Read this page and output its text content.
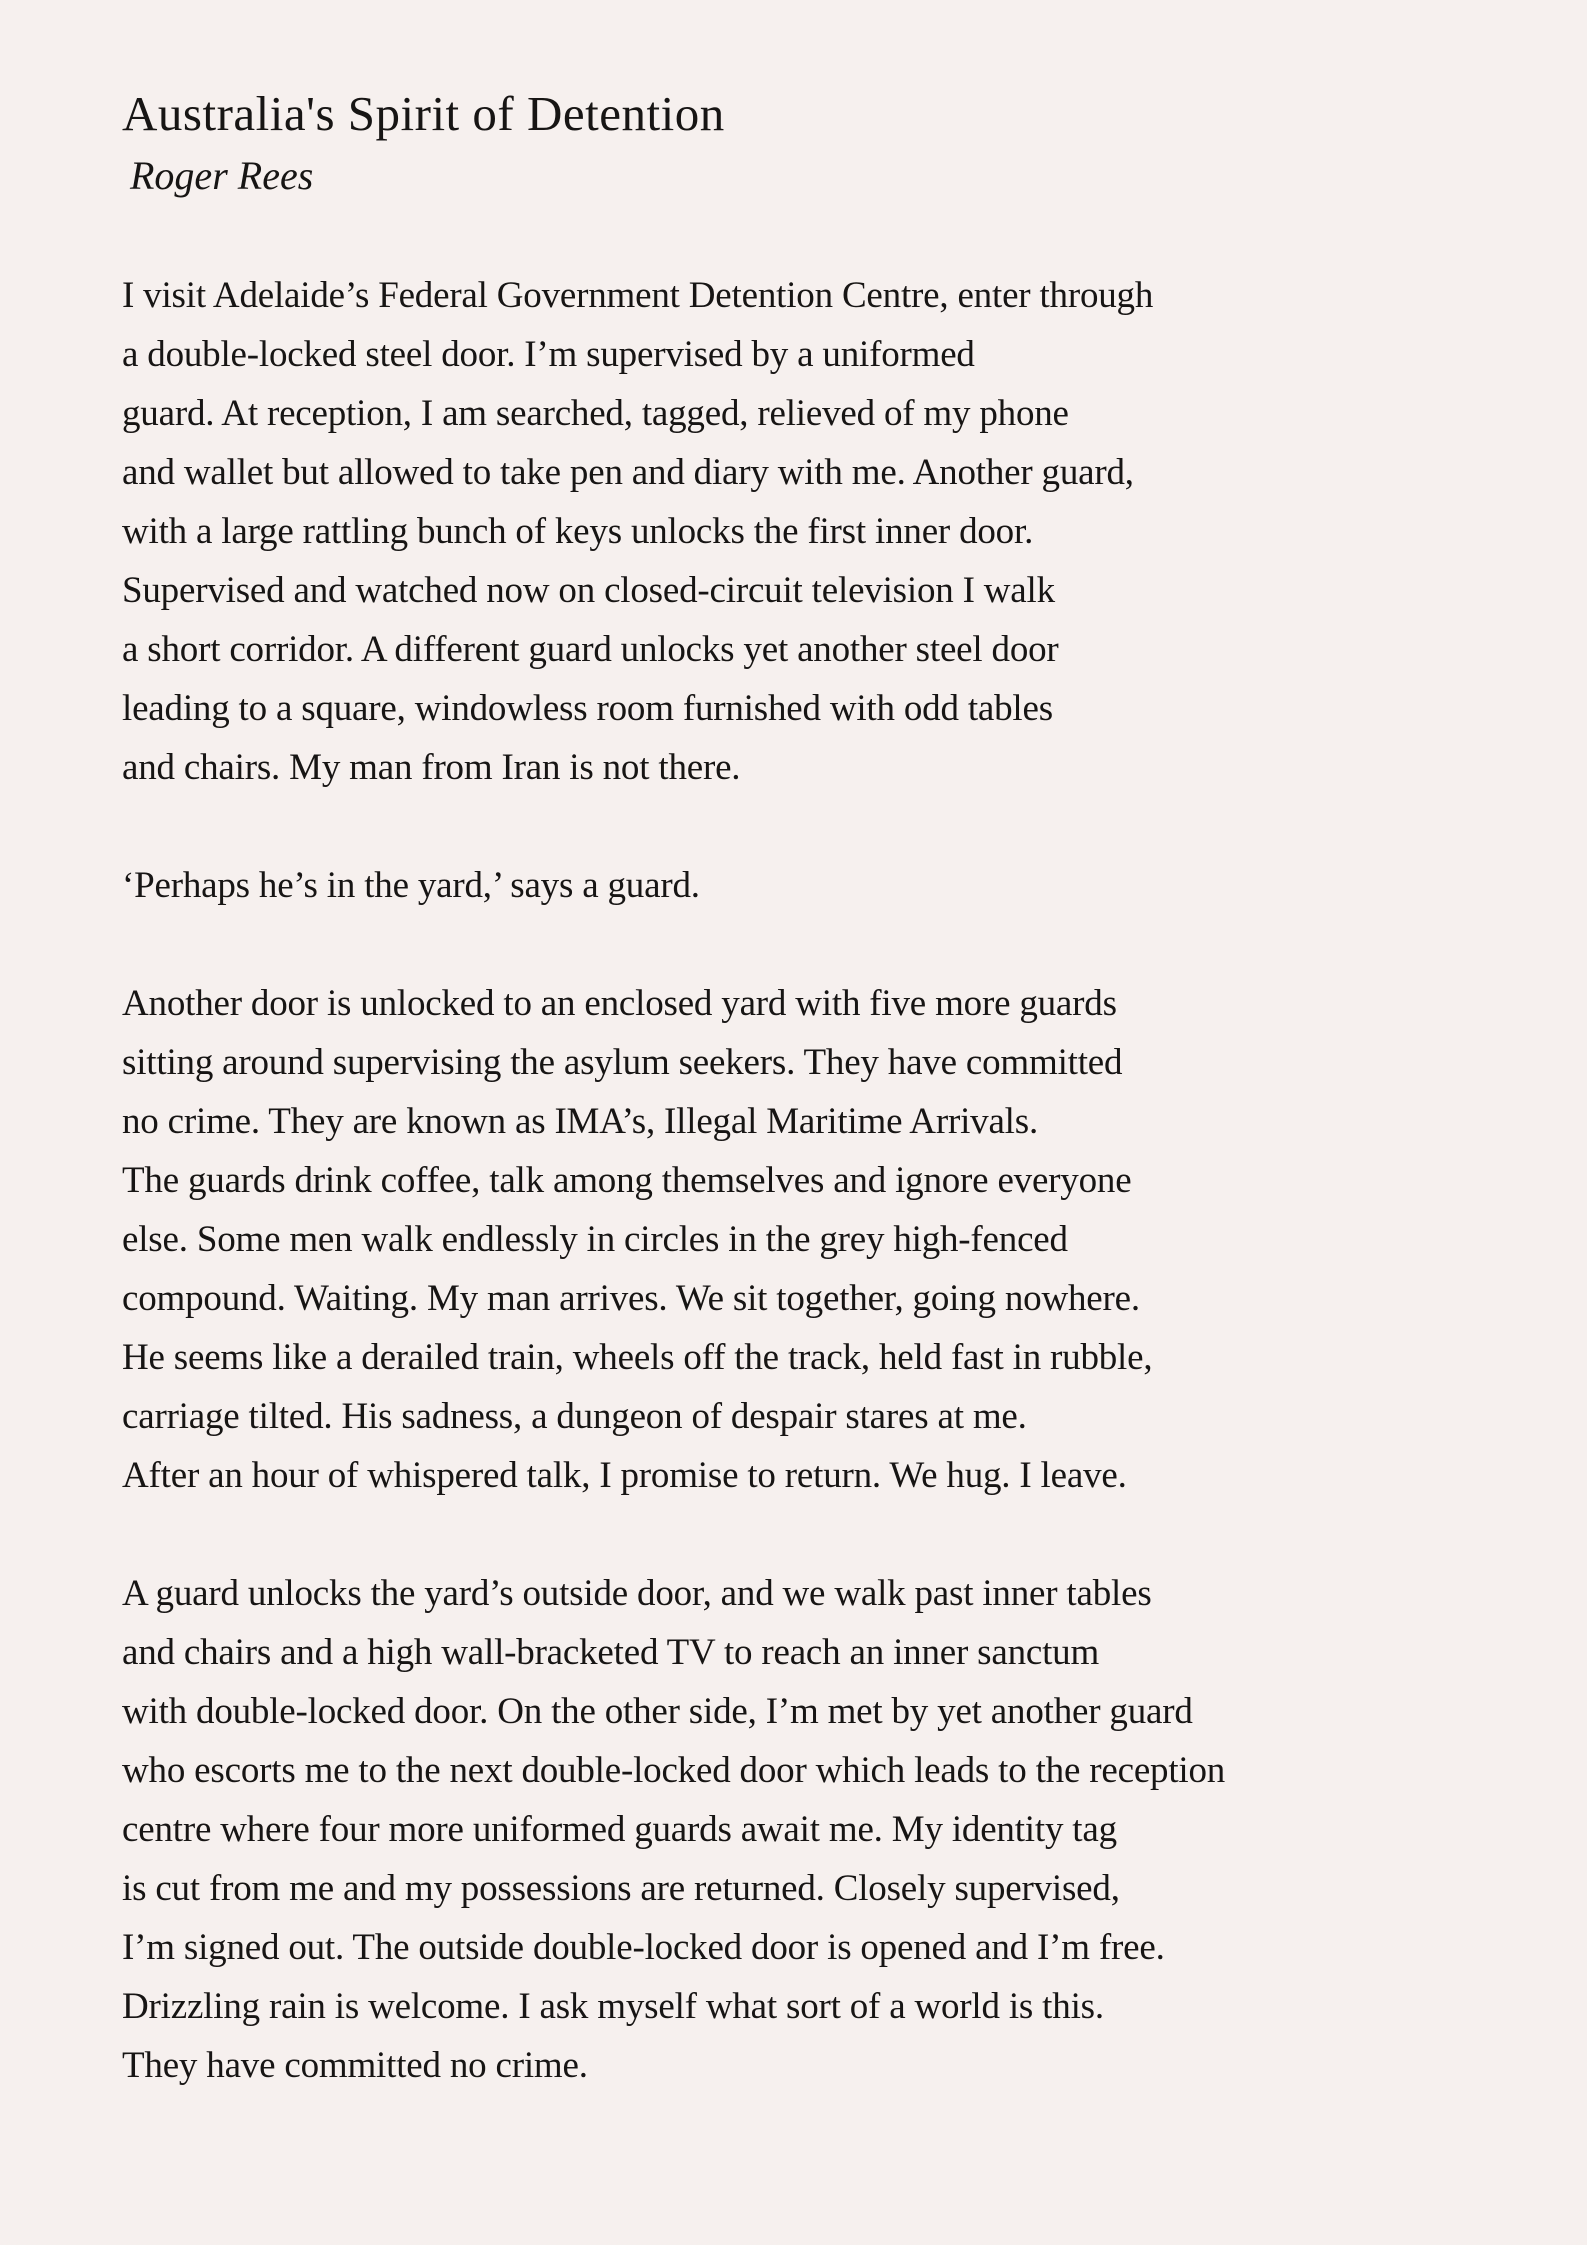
Australia's Spirit of Detention
Roger Rees
I visit Adelaide’s Federal Government Detention Centre, enter through
a double-locked steel door. I’m supervised by a uniformed
guard. At reception, I am searched, tagged, relieved of my phone
and wallet but allowed to take pen and diary with me. Another guard,
with a large rattling bunch of keys unlocks the first inner door.
Supervised and watched now on closed-circuit television I walk
a short corridor. A different guard unlocks yet another steel door
leading to a square, windowless room furnished with odd tables
and chairs. My man from Iran is not there.
‘Perhaps he’s in the yard,’ says a guard.
Another door is unlocked to an enclosed yard with five more guards
sitting around supervising the asylum seekers. They have committed
no crime. They are known as IMA’s, Illegal Maritime Arrivals.
The guards drink coffee, talk among themselves and ignore everyone
else. Some men walk endlessly in circles in the grey high-fenced
compound. Waiting. My man arrives. We sit together, going nowhere.
He seems like a derailed train, wheels off the track, held fast in rubble,
carriage tilted. His sadness, a dungeon of despair stares at me.
After an hour of whispered talk, I promise to return. We hug. I leave.
A guard unlocks the yard’s outside door, and we walk past inner tables
and chairs and a high wall-bracketed TV to reach an inner sanctum
with double-locked door. On the other side, I’m met by yet another guard
who escorts me to the next double-locked door which leads to the reception
centre where four more uniformed guards await me. My identity tag
is cut from me and my possessions are returned. Closely supervised,
I’m signed out. The outside double-locked door is opened and I’m free.
Drizzling rain is welcome. I ask myself what sort of a world is this.
They have committed no crime.
